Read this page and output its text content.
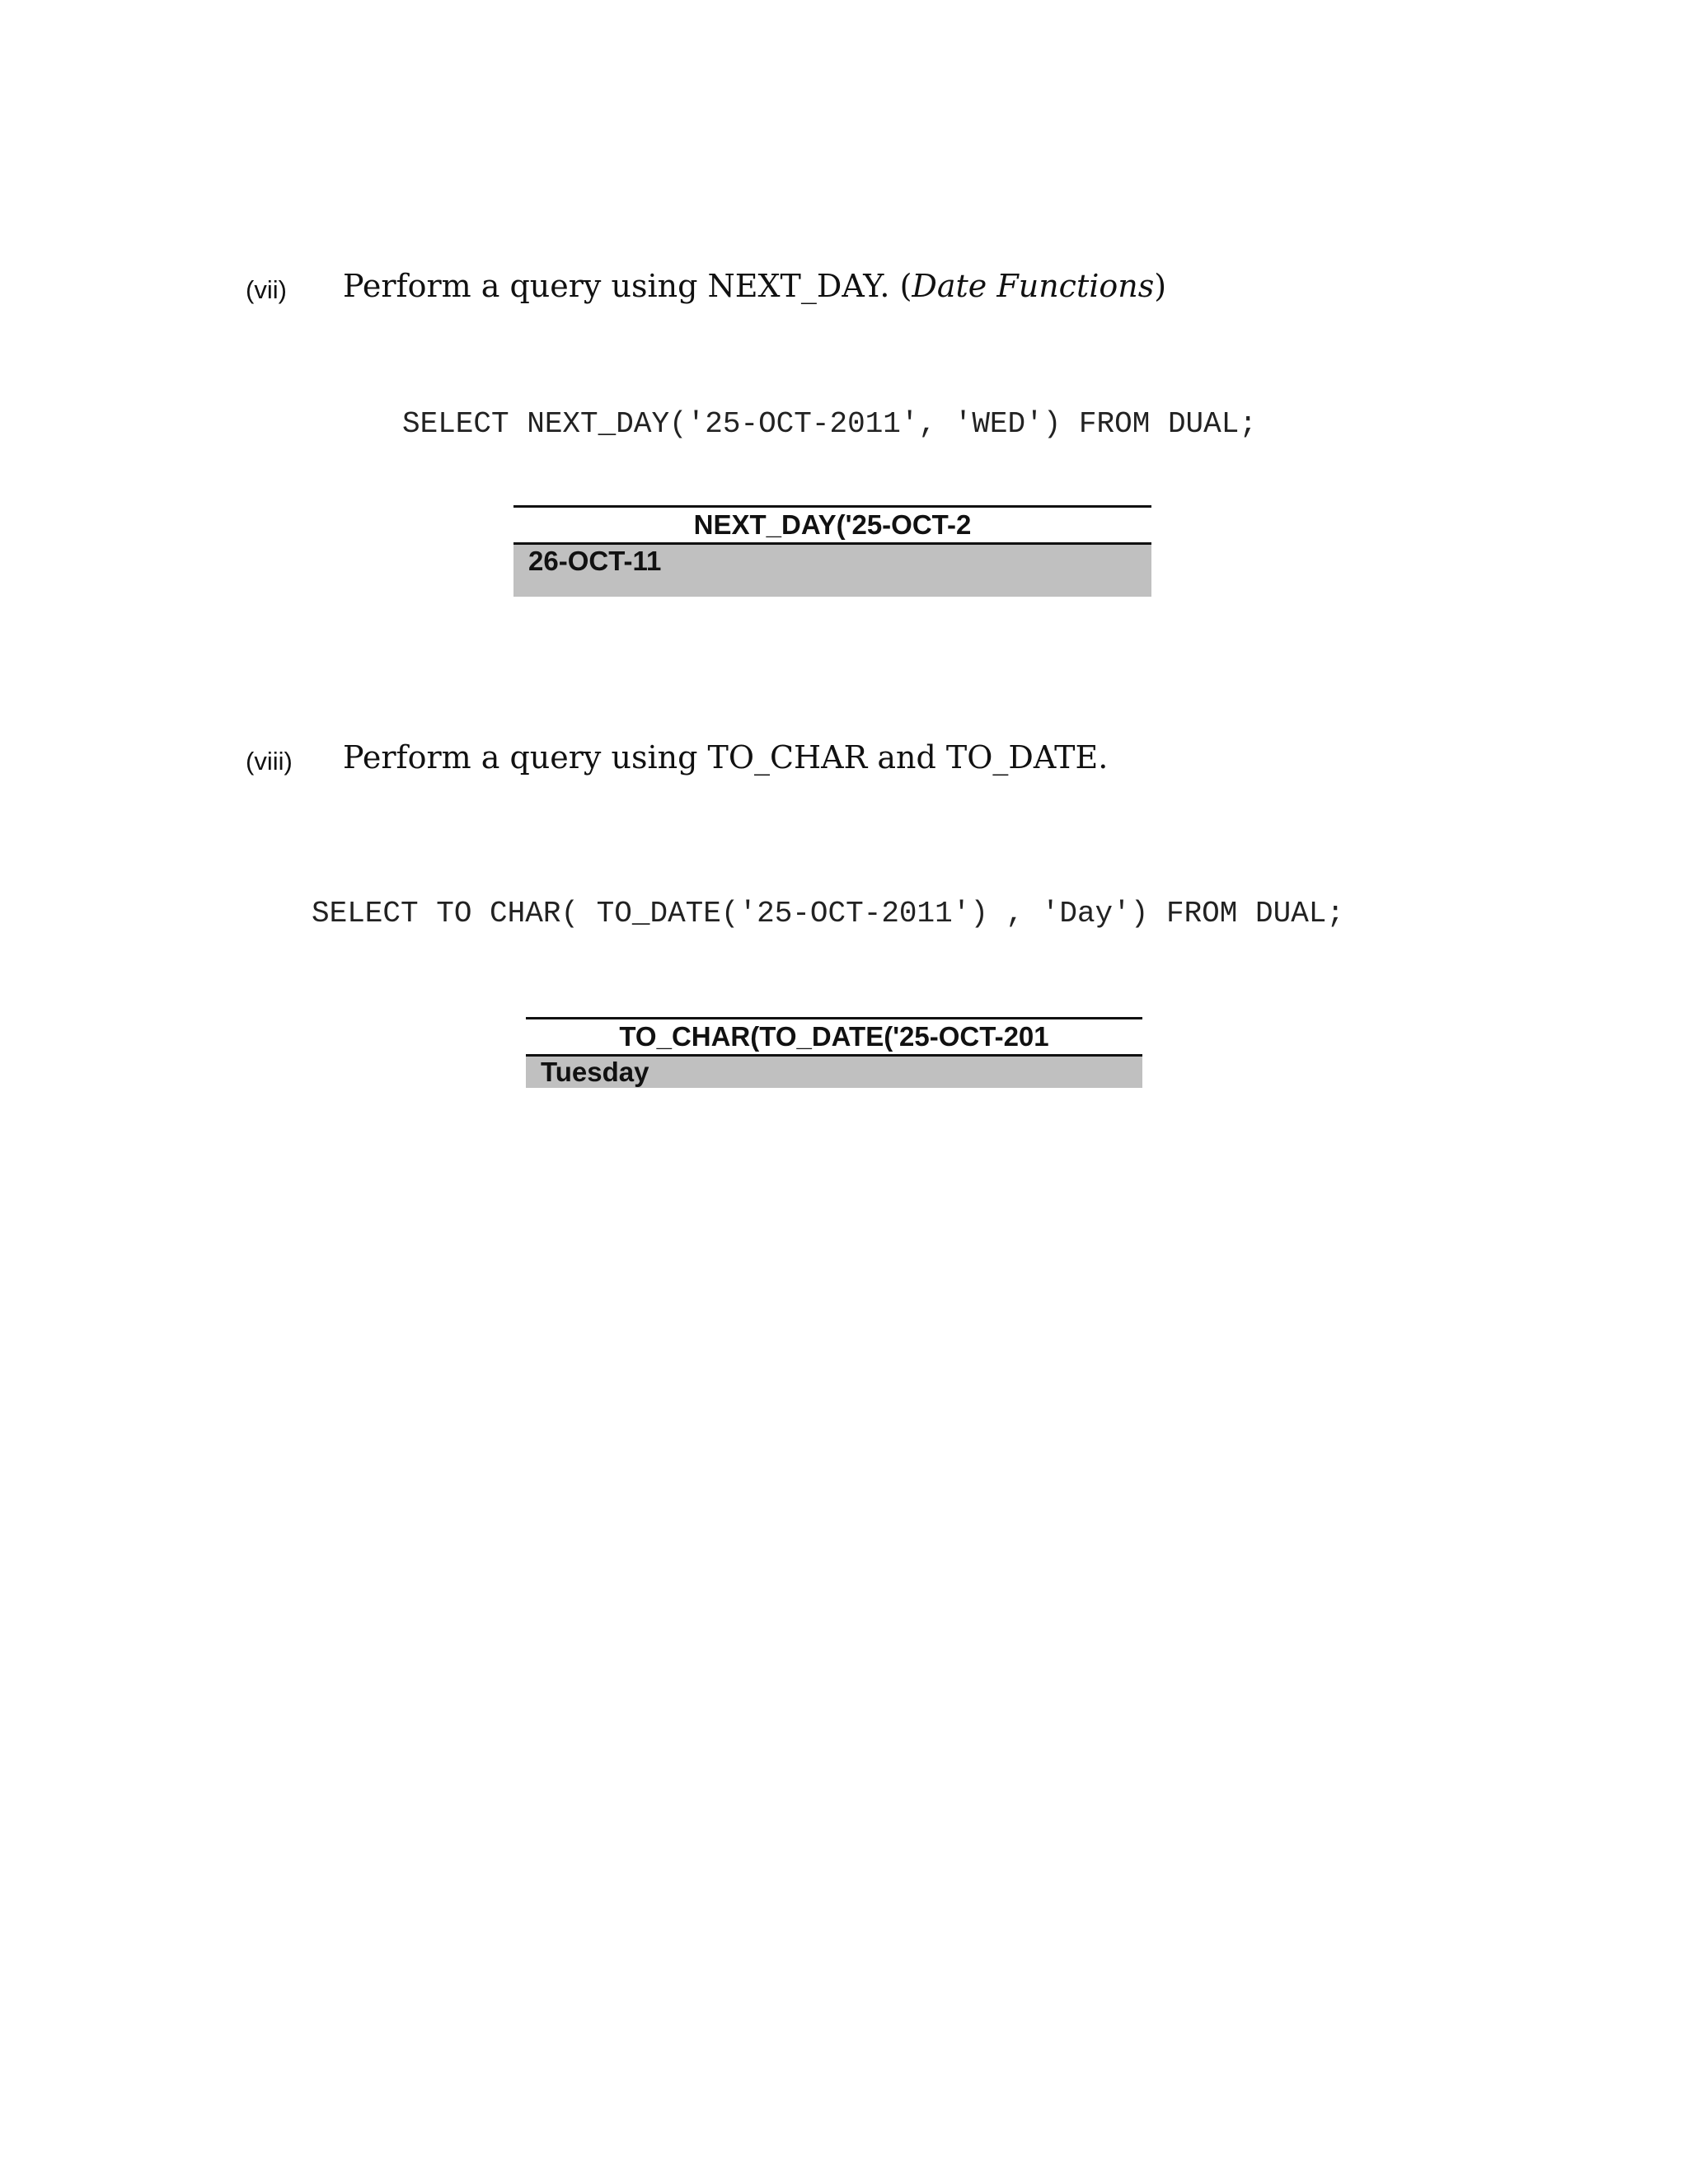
(vii) Perform a query using NEXT_DAY. (Date Functions)
SELECT NEXT_DAY('25-OCT-2011', 'WED') FROM DUAL;
NEXT_DAY('25-OCT-2
26-OCT-11
(viii) Perform a query using TO_CHAR and TO_DATE.
SELECT TO CHAR( TO_DATE('25-OCT-2011') , 'Day') FROM DUAL;
TO_CHAR(TO_DATE('25-OCT-201
Tuesday
